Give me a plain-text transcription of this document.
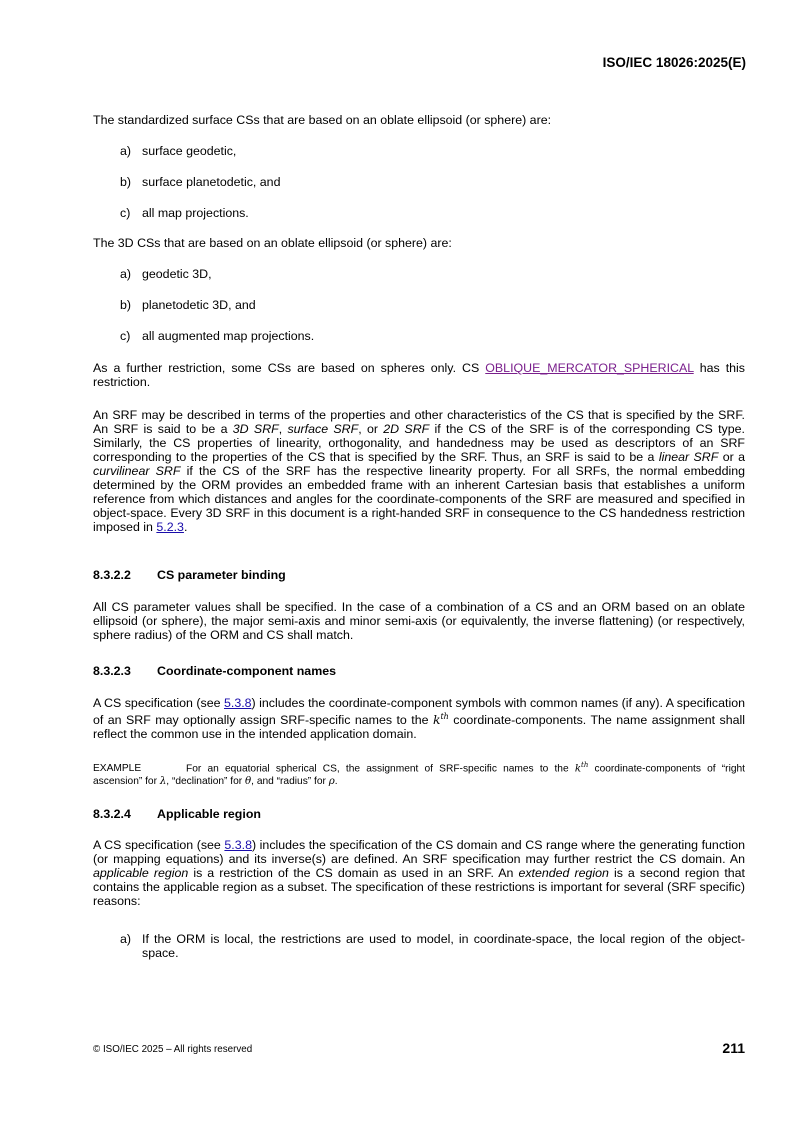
ISO/IEC 18026:2025(E)
The standardized surface CSs that are based on an oblate ellipsoid (or sphere) are:
a) surface geodetic,
b) surface planetodetic, and
c) all map projections.
The 3D CSs that are based on an oblate ellipsoid (or sphere) are:
a) geodetic 3D,
b) planetodetic 3D, and
c) all augmented map projections.

As a further restriction, some CSs are based on spheres only. CS OBLIQUE_MERCATOR_SPHERICAL has this restriction.

An SRF may be described in terms of the properties and other characteristics of the CS that is specified by the SRF. An SRF is said to be a 3D SRF, surface SRF, or 2D SRF if the CS of the SRF is of the corresponding CS type. Similarly, the CS properties of linearity, orthogonality, and handedness may be used as descriptors of an SRF corresponding to the properties of the CS that is specified by the SRF. Thus, an SRF is said to be a linear SRF or a curvilinear SRF if the CS of the SRF has the respective linearity property. For all SRFs, the normal embedding determined by the ORM provides an embedded frame with an inherent Cartesian basis that establishes a uniform reference from which distances and angles for the coordinate-components of the SRF are measured and specified in object-space. Every 3D SRF in this document is a right-handed SRF in consequence to the CS handedness restriction imposed in 5.2.3.

8.3.2.2 CS parameter binding

All CS parameter values shall be specified. In the case of a combination of a CS and an ORM based on an oblate ellipsoid (or sphere), the major semi-axis and minor semi-axis (or equivalently, the inverse flattening) (or respectively, sphere radius) of the ORM and CS shall match.

8.3.2.3 Coordinate-component names

A CS specification (see 5.3.8) includes the coordinate-component symbols with common names (if any). A specification of an SRF may optionally assign SRF-specific names to the $k^{th}$ coordinate-components. The name assignment shall reflect the common use in the intended application domain.

EXAMPLE	For an equatorial spherical CS, the assignment of SRF-specific names to the $k^{th}$ coordinate-components of “right ascension” for λ, “declination” for θ, and “radius” for ρ.

8.3.2.4 Applicable region

A CS specification (see 5.3.8) includes the specification of the CS domain and CS range where the generating function (or mapping equations) and its inverse(s) are defined. An SRF specification may further restrict the CS domain. An applicable region is a restriction of the CS domain as used in an SRF. An extended region is a second region that contains the applicable region as a subset. The specification of these restrictions is important for several (SRF specific) reasons:

a) If the ORM is local, the restrictions are used to model, in coordinate-space, the local region of the object-space.
© ISO/IEC 2025 – All rights reserved	211
